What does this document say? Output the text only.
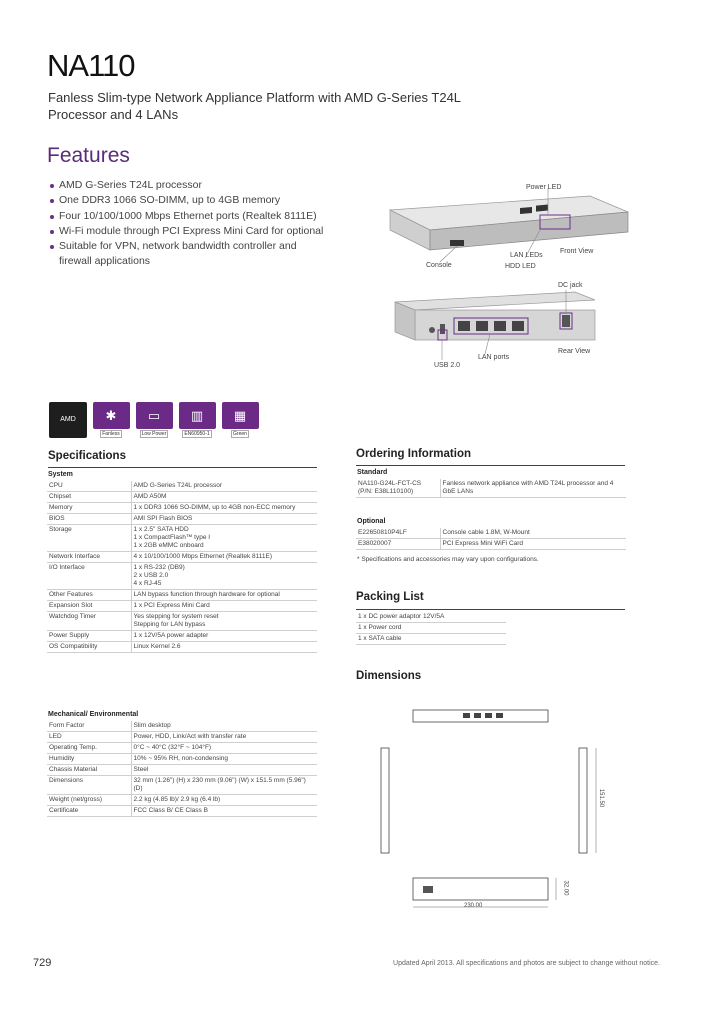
NA110
Fanless Slim-type Network Appliance Platform with AMD G-Series T24L Processor and 4 LANs
Features
AMD G-Series T24L processor
One DDR3 1066 SO-DIMM, up to 4GB memory
Four 10/100/1000 Mbps Ethernet ports (Realtek 8111E)
Wi-Fi module through PCI Express Mini Card for optional
Suitable for VPN, network bandwidth controller and firewall applications
Power LED
LAN LEDs
HDD LED
Console
Front View
DC jack
LAN ports
USB 2.0
Rear View
AMD	✱
Fanless
▭
Low Power
▥
EN60950-1
▦
Green
Specifications
System
CPU	AMD G-Series T24L processor
Chipset	AMD A50M
Memory	1 x DDR3 1066 SO-DIMM, up to 4GB non-ECC memory
BIOS	AMI SPI Flash BIOS
Storage	1 x 2.5" SATA HDD
1 x CompactFlash™ type I
1 x 2GB eMMC onboard
Network Interface	4 x 10/100/1000 Mbps Ethernet (Realtek 8111E)
I/O Interface	1 x RS-232 (DB9)
2 x USB 2.0
4 x RJ-45
Other Features	LAN bypass function through hardware for optional
Expansion Slot	1 x PCI Express Mini Card
Watchdog Timer	Yes stepping for system reset
Stepping for LAN bypass
Power Supply	1 x 12V/5A power adapter
OS Compatibility	Linux Kernel 2.6
Mechanical/ Environmental
Form Factor	Slim desktop
LED	Power, HDD, Link/Act with transfer rate
Operating Temp.	0°C ~ 40°C (32°F ~ 104°F)
Humidity	10% ~ 95% RH, non-condensing
Chassis Material	Steel
Dimensions	32 mm (1.26") (H) x 230 mm (9.06") (W) x 151.5 mm (5.96") (D)
Weight (net/gross)	2.2 kg (4.85 lb)/ 2.9 kg (6.4 lb)
Certificate	FCC Class B/ CE Class B
Ordering Information
Standard
NA110-G24L-FCT-CS
(P/N: E38L110100)	Fanless network appliance with AMD T24L processor and 4 GbE LANs
Optional
E22650810P4LF	Console cable 1.8M, W-Mount
E38020007	PCI Express Mini WiFi Card
* Specifications and accessories may vary upon configurations.
Packing List
1 x DC power adaptor 12V/5A
1 x Power cord
1 x SATA cable
Dimensions
230.00
151.50
32.00
729	Updated April 2013. All specifications and photos are subject to change without notice.
